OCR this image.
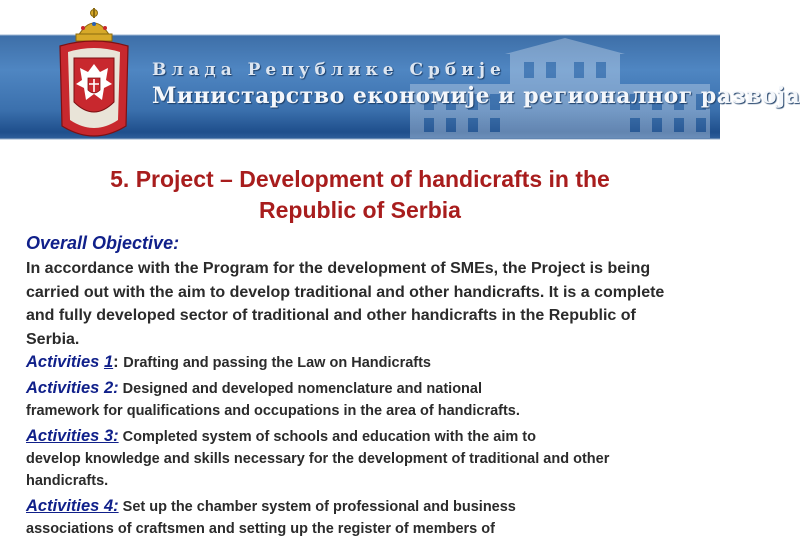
Влада Републике Србије
Министарство економије и регионалног развоја
5. Project – Development of handicrafts in the
Republic of Serbia
Overall Objective:
In accordance with the Program for the development of SMEs, the Project is being carried out with the aim to develop traditional and other handicrafts. It is a complete and fully developed sector of traditional and other handicrafts in the Republic of Serbia.
Activities 1: Drafting and passing the Law on Handicrafts
Activities 2: Designed and developed nomenclature and national
framework for qualifications and occupations in the area of handicrafts.
Activities 3: Completed system of schools and education with the aim to
develop knowledge and skills necessary for the development of traditional and other handicrafts.
Activities 4: Set up the chamber system of professional and business
associations of craftsmen and setting up the register of members of
